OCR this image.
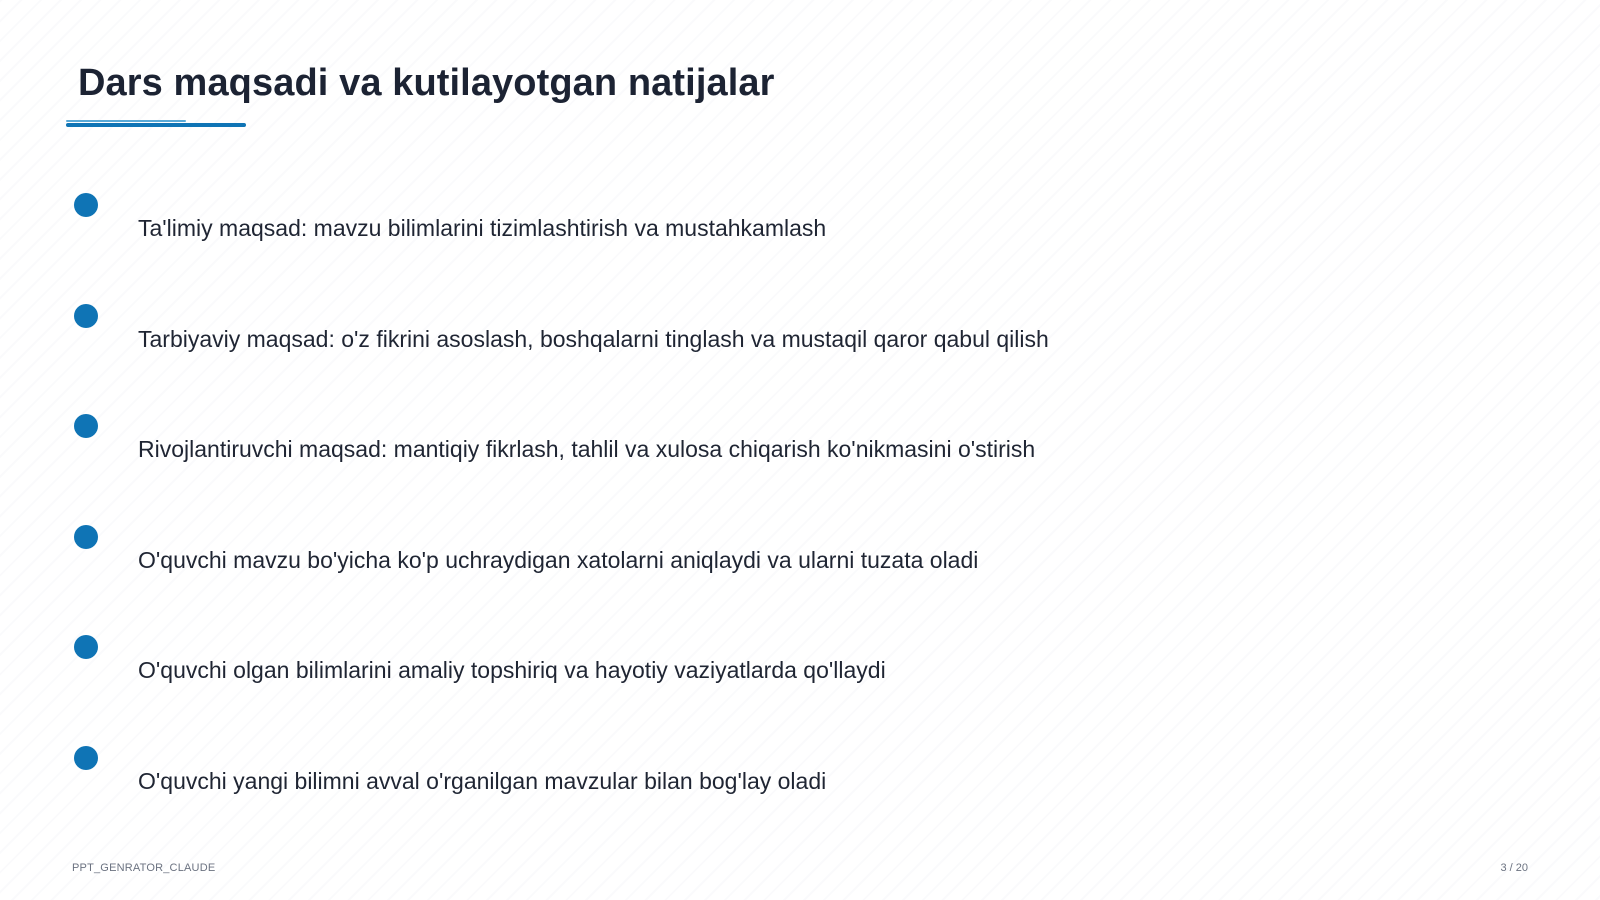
Dars maqsadi va kutilayotgan natijalar
Ta'limiy maqsad: mavzu bilimlarini tizimlashtirish va mustahkamlash
Tarbiyaviy maqsad: o'z fikrini asoslash, boshqalarni tinglash va mustaqil qaror qabul qilish
Rivojlantiruvchi maqsad: mantiqiy fikrlash, tahlil va xulosa chiqarish ko'nikmasini o'stirish
O'quvchi mavzu bo'yicha ko'p uchraydigan xatolarni aniqlaydi va ularni tuzata oladi
O'quvchi olgan bilimlarini amaliy topshiriq va hayotiy vaziyatlarda qo'llaydi
O'quvchi yangi bilimni avval o'rganilgan mavzular bilan bog'lay oladi
PPT_GENRATOR_CLAUDE	3 / 20
